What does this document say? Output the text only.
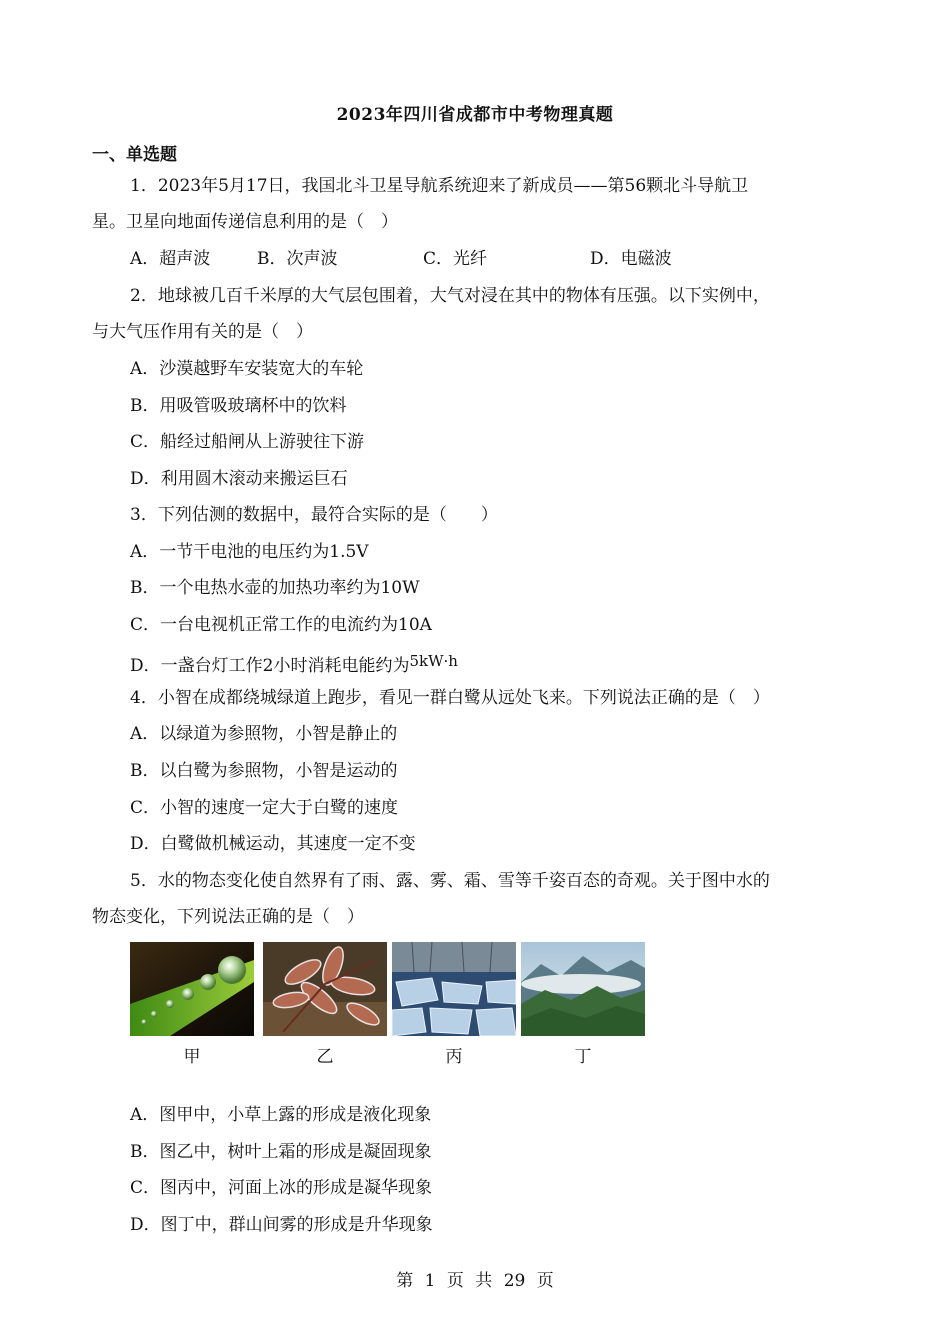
2023年四川省成都市中考物理真题
一、单选题
1．2023年5月17日，我国北斗卫星导航系统迎来了新成员——第56颗北斗导航卫
星。卫星向地面传递信息利用的是（　）
A．超声波	B．次声波	C．光纤	D．电磁波
2．地球被几百千米厚的大气层包围着，大气对浸在其中的物体有压强。以下实例中，
与大气压作用有关的是（　）
A．沙漠越野车安装宽大的车轮
B．用吸管吸玻璃杯中的饮料
C．船经过船闸从上游驶往下游
D．利用圆木滚动来搬运巨石
3．下列估测的数据中，最符合实际的是（　　）
A．一节干电池的电压约为1.5V
B．一个电热水壶的加热功率约为10W
C．一台电视机正常工作的电流约为10A
D．一盏台灯工作2小时消耗电能约为5kW·h
4．小智在成都绕城绿道上跑步，看见一群白鹭从远处飞来。下列说法正确的是（　）
A．以绿道为参照物，小智是静止的
B．以白鹭为参照物，小智是运动的
C．小智的速度一定大于白鹭的速度
D．白鹭做机械运动，其速度一定不变
5．水的物态变化使自然界有了雨、露、雾、霜、雪等千姿百态的奇观。关于图中水的
物态变化，下列说法正确的是（　）
甲	乙	丙	丁
A．图甲中，小草上露的形成是液化现象
B．图乙中，树叶上霜的形成是凝固现象
C．图丙中，河面上冰的形成是凝华现象
D．图丁中，群山间雾的形成是升华现象
第 1 页 共 29 页
